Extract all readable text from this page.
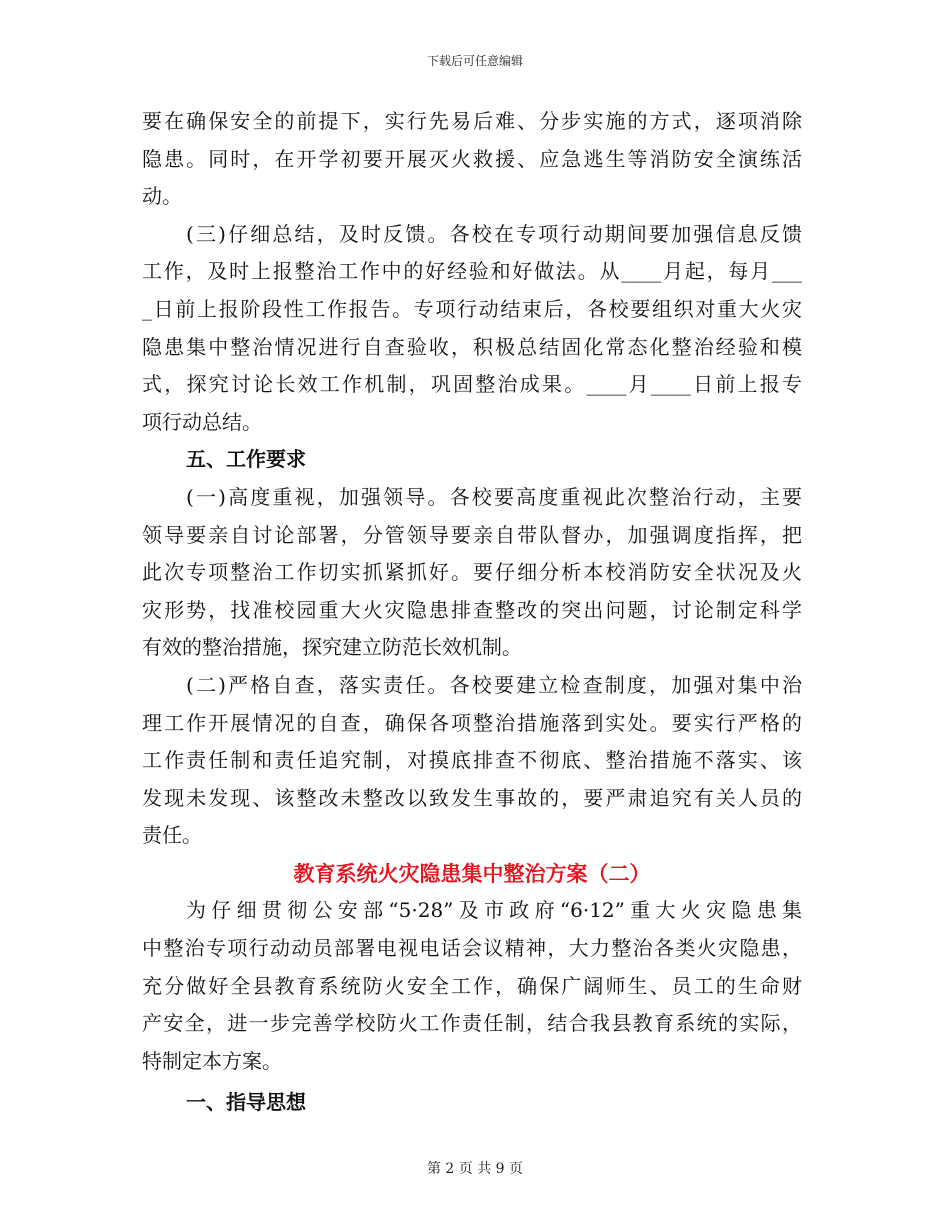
下载后可任意编辑
要在确保安全的前提下，实行先易后难、分步实施的方式，逐项消除
隐患。同时，在开学初要开展灭火救援、应急逃生等消防安全演练活
动。
(三)仔细总结，及时反馈。各校在专项行动期间要加强信息反馈
工作，及时上报整治工作中的好经验和好做法。从____月起，每月___
_日前上报阶段性工作报告。专项行动结束后，各校要组织对重大火灾
隐患集中整治情况进行自查验收，积极总结固化常态化整治经验和模
式，探究讨论长效工作机制，巩固整治成果。____月____日前上报专
项行动总结。
五、工作要求
(一)高度重视，加强领导。各校要高度重视此次整治行动，主要
领导要亲自讨论部署，分管领导要亲自带队督办，加强调度指挥，把
此次专项整治工作切实抓紧抓好。要仔细分析本校消防安全状况及火
灾形势，找准校园重大火灾隐患排查整改的突出问题，讨论制定科学
有效的整治措施，探究建立防范长效机制。
(二)严格自查，落实责任。各校要建立检查制度，加强对集中治
理工作开展情况的自查，确保各项整治措施落到实处。要实行严格的
工作责任制和责任追究制，对摸底排查不彻底、整治措施不落实、该
发现未发现、该整改未整改以致发生事故的，要严肃追究有关人员的
责任。
教育系统火灾隐患集中整治方案（二）
为仔细贯彻公安部“5·28”及市政府“6·12”重大火灾隐患集
中整治专项行动动员部署电视电话会议精神，大力整治各类火灾隐患，
充分做好全县教育系统防火安全工作，确保广阔师生、员工的生命财
产安全，进一步完善学校防火工作责任制，结合我县教育系统的实际，
特制定本方案。
一、指导思想
第 2 页 共 9 页
